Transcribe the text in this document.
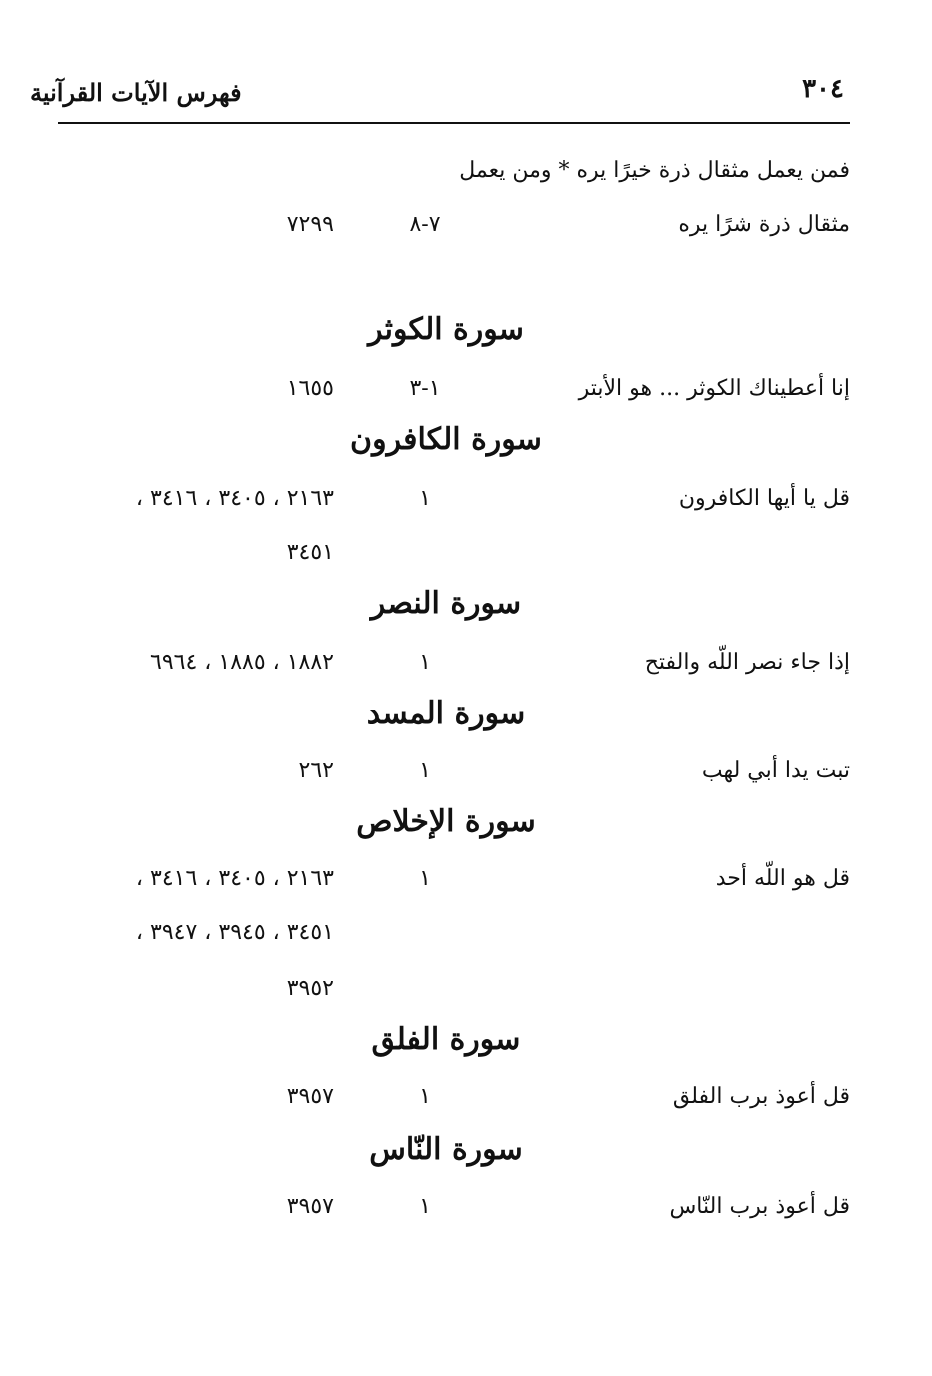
٣٠٤
فهرس الآيات القرآنية
فمن يعمل مثقال ذرة خيرًا يره * ومن يعمل
مثقال ذرة شرًا يره
٧-٨
٧٢٩٩
سورة الكوثر
إنا أعطيناك الكوثر ... هو الأبتر
١-٣
١٦٥٥
سورة الكافرون
قل يا أيها الكافرون
١
٢١٦٣ ، ٣٤٠٥ ، ٣٤١٦ ،
٣٤٥١
سورة النصر
إذا جاء نصر اللّه والفتح
١
١٨٨٢ ، ١٨٨٥ ، ٦٩٦٤
سورة المسد
تبت يدا أبي لهب
١
٢٦٢
سورة الإخلاص
قل هو اللّه أحد
١
٢١٦٣ ، ٣٤٠٥ ، ٣٤١٦ ،
٣٤٥١ ، ٣٩٤٥ ، ٣٩٤٧ ،
٣٩٥٢
سورة الفلق
قل أعوذ برب الفلق
١
٣٩٥٧
سورة النّاس
قل أعوذ برب النّاس
١
٣٩٥٧
